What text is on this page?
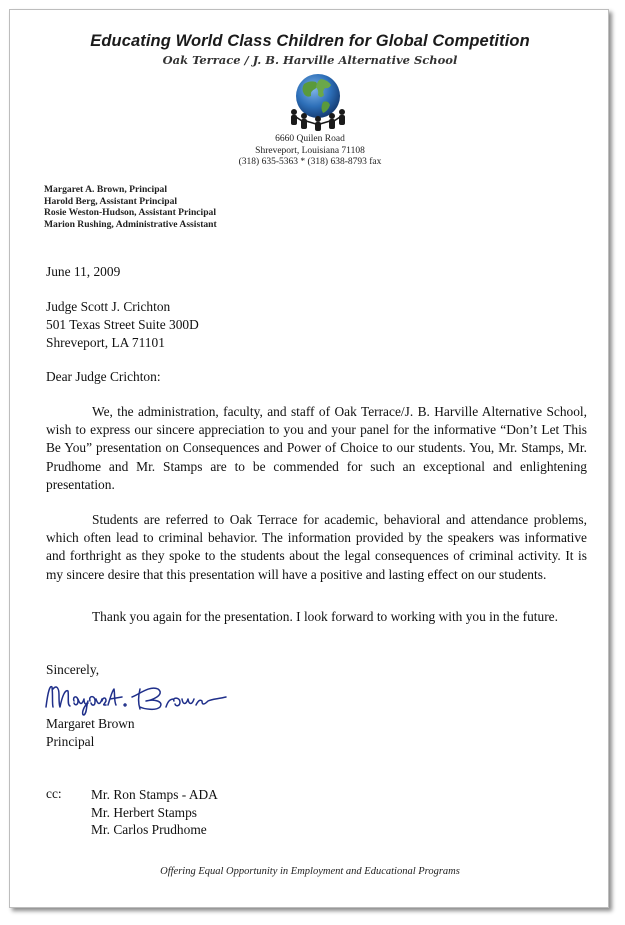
Educating World Class Children for Global Competition
Oak Terrace / J. B. Harville Alternative School
6660 Quilen Road
Shreveport, Louisiana 71108
(318) 635-5363 * (318) 638-8793 fax
Margaret A. Brown, Principal
Harold Berg, Assistant Principal
Rosie Weston-Hudson, Assistant Principal
Marion Rushing, Administrative Assistant
June 11, 2009
Judge Scott J. Crichton
501 Texas Street Suite 300D
Shreveport, LA 71101
Dear Judge Crichton:
We, the administration, faculty, and staff of Oak Terrace/J. B. Harville Alternative School, wish to express our sincere appreciation to you and your panel for the informative “Don’t Let This Be You” presentation on Consequences and Power of Choice to our students. You, Mr. Stamps, Mr. Prudhome and Mr. Stamps are to be commended for such an exceptional and enlightening presentation.
Students are referred to Oak Terrace for academic, behavioral and attendance problems, which often lead to criminal behavior. The information provided by the speakers was informative and forthright as they spoke to the students about the legal consequences of criminal activity. It is my sincere desire that this presentation will have a positive and lasting effect on our students.
Thank you again for the presentation. I look forward to working with you in the future.
Sincerely,
Margaret Brown
Principal
cc: Mr. Ron Stamps - ADA
Mr. Herbert Stamps
Mr. Carlos Prudhome
Offering Equal Opportunity in Employment and Educational Programs
